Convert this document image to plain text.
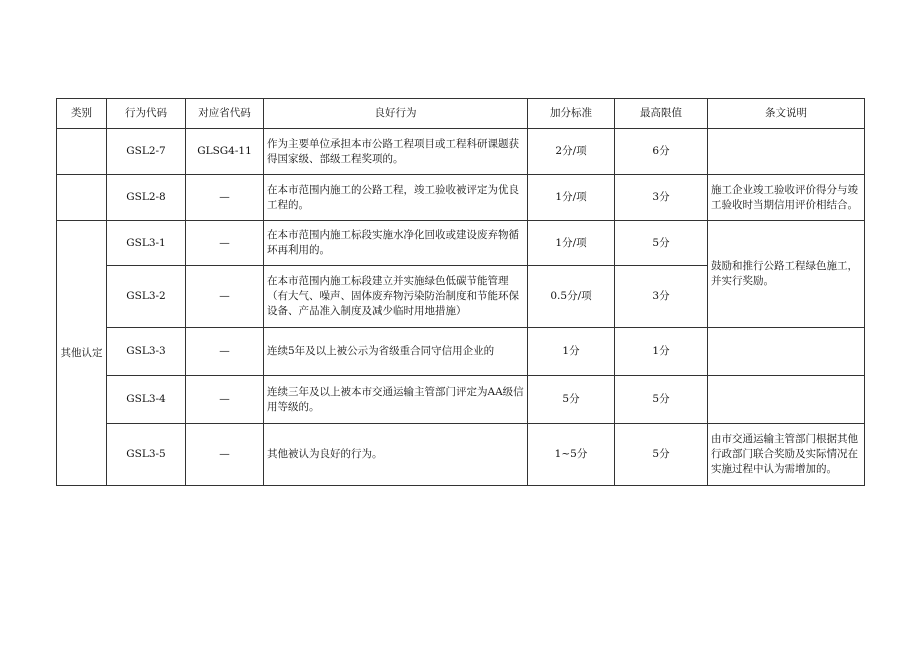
类别	行为代码	对应省代码	良好行为	加分标准	最高限值	条文说明
	GSL2-7	GLSG4-11	作为主要单位承担本市公路工程项目或工程科研课题获得国家级、部级工程奖项的。	2分/项	6分	
	GSL2-8	—	在本市范围内施工的公路工程，竣工验收被评定为优良工程的。	1分/项	3分	施工企业竣工验收评价得分与竣工验收时当期信用评价相结合。
其他认定	GSL3-1	—	在本市范围内施工标段实施水净化回收或建设废弃物循环再利用的。	1分/项	5分	鼓励和推行公路工程绿色施工，并实行奖励。
	GSL3-2	—	在本市范围内施工标段建立并实施绿色低碳节能管理（有大气、噪声、固体废弃物污染防治制度和节能环保设备、产品准入制度及减少临时用地措施）	0.5分/项	3分	
	GSL3-3	—	连续5年及以上被公示为省级重合同守信用企业的	1分	1分	
	GSL3-4	—	连续三年及以上被本市交通运输主管部门评定为AA级信用等级的。	5分	5分	
	GSL3-5	—	其他被认为良好的行为。	1~5分	5分	由市交通运输主管部门根据其他行政部门联合奖励及实际情况在实施过程中认为需增加的。
